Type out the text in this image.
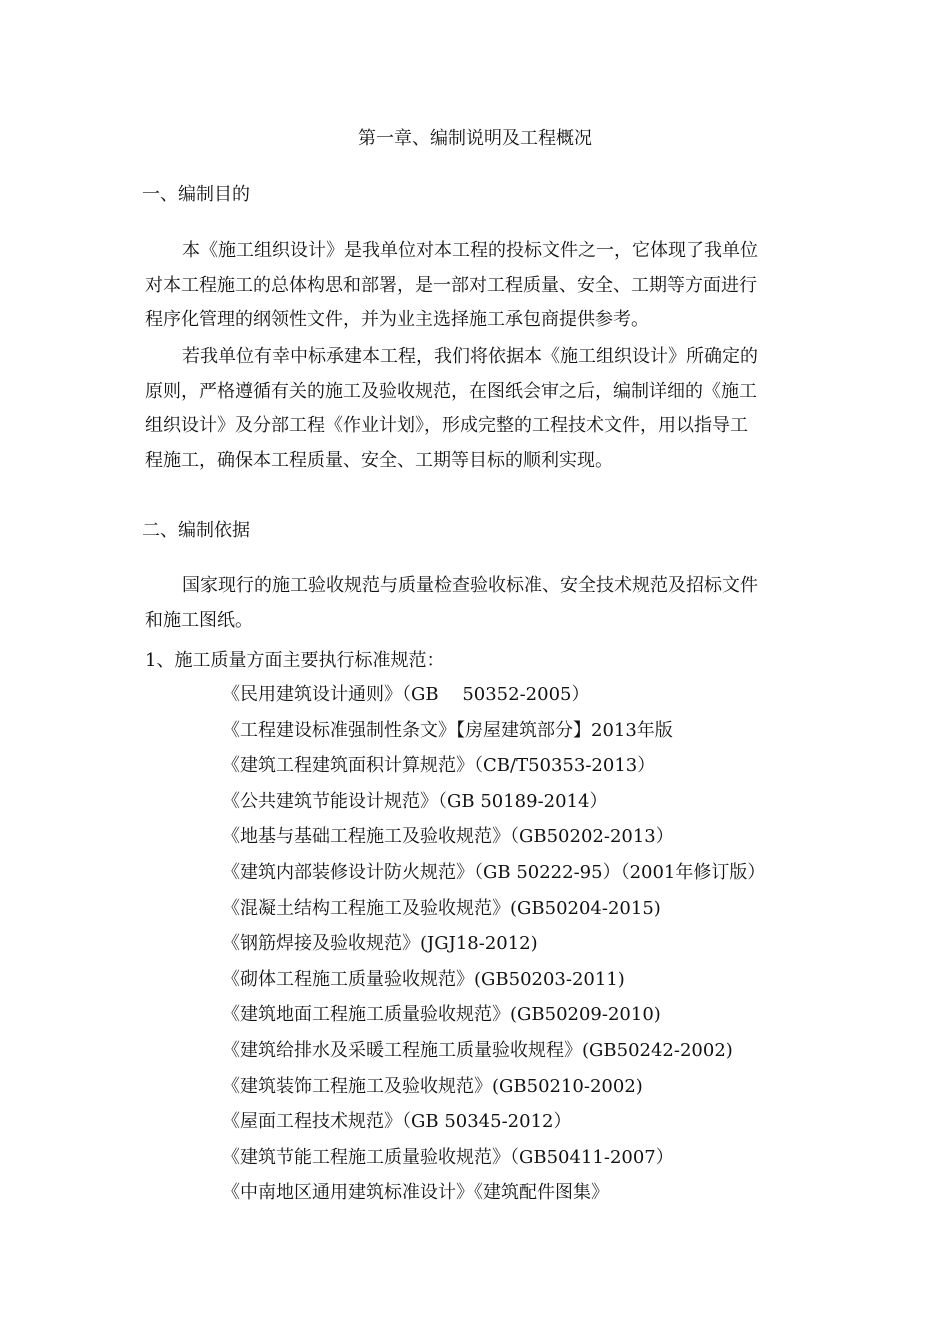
第一章、编制说明及工程概况
一、编制目的

本《施工组织设计》是我单位对本工程的投标文件之一，它体现了我单位
对本工程施工的总体构思和部署，是一部对工程质量、安全、工期等方面进行
程序化管理的纲领性文件，并为业主选择施工承包商提供参考。

若我单位有幸中标承建本工程，我们将依据本《施工组织设计》所确定的
原则，严格遵循有关的施工及验收规范，在图纸会审之后，编制详细的《施工
组织设计》及分部工程《作业计划》，形成完整的工程技术文件，用以指导工
程施工，确保本工程质量、安全、工期等目标的顺利实现。

二、编制依据

国家现行的施工验收规范与质量检查验收标准、安全技术规范及招标文件
和施工图纸。

1、施工质量方面主要执行标准规范：
《民用建筑设计通则》（GB　 50352-2005）
《工程建设标准强制性条文》【房屋建筑部分】2013年版
《建筑工程建筑面积计算规范》（CB/T50353-2013）
《公共建筑节能设计规范》（GB 50189-2014）
《地基与基础工程施工及验收规范》（GB50202-2013）
《建筑内部装修设计防火规范》（GB 50222-95）（2001年修订版）
《混凝土结构工程施工及验收规范》(GB50204-2015)
《钢筋焊接及验收规范》(JGJ18-2012)
《砌体工程施工质量验收规范》(GB50203-2011)
《建筑地面工程施工质量验收规范》(GB50209-2010)
《建筑给排水及采暖工程施工质量验收规程》(GB50242-2002)
《建筑装饰工程施工及验收规范》(GB50210-2002)
《屋面工程技术规范》（GB 50345-2012）
《建筑节能工程施工质量验收规范》（GB50411-2007）
《中南地区通用建筑标准设计》《建筑配件图集》
